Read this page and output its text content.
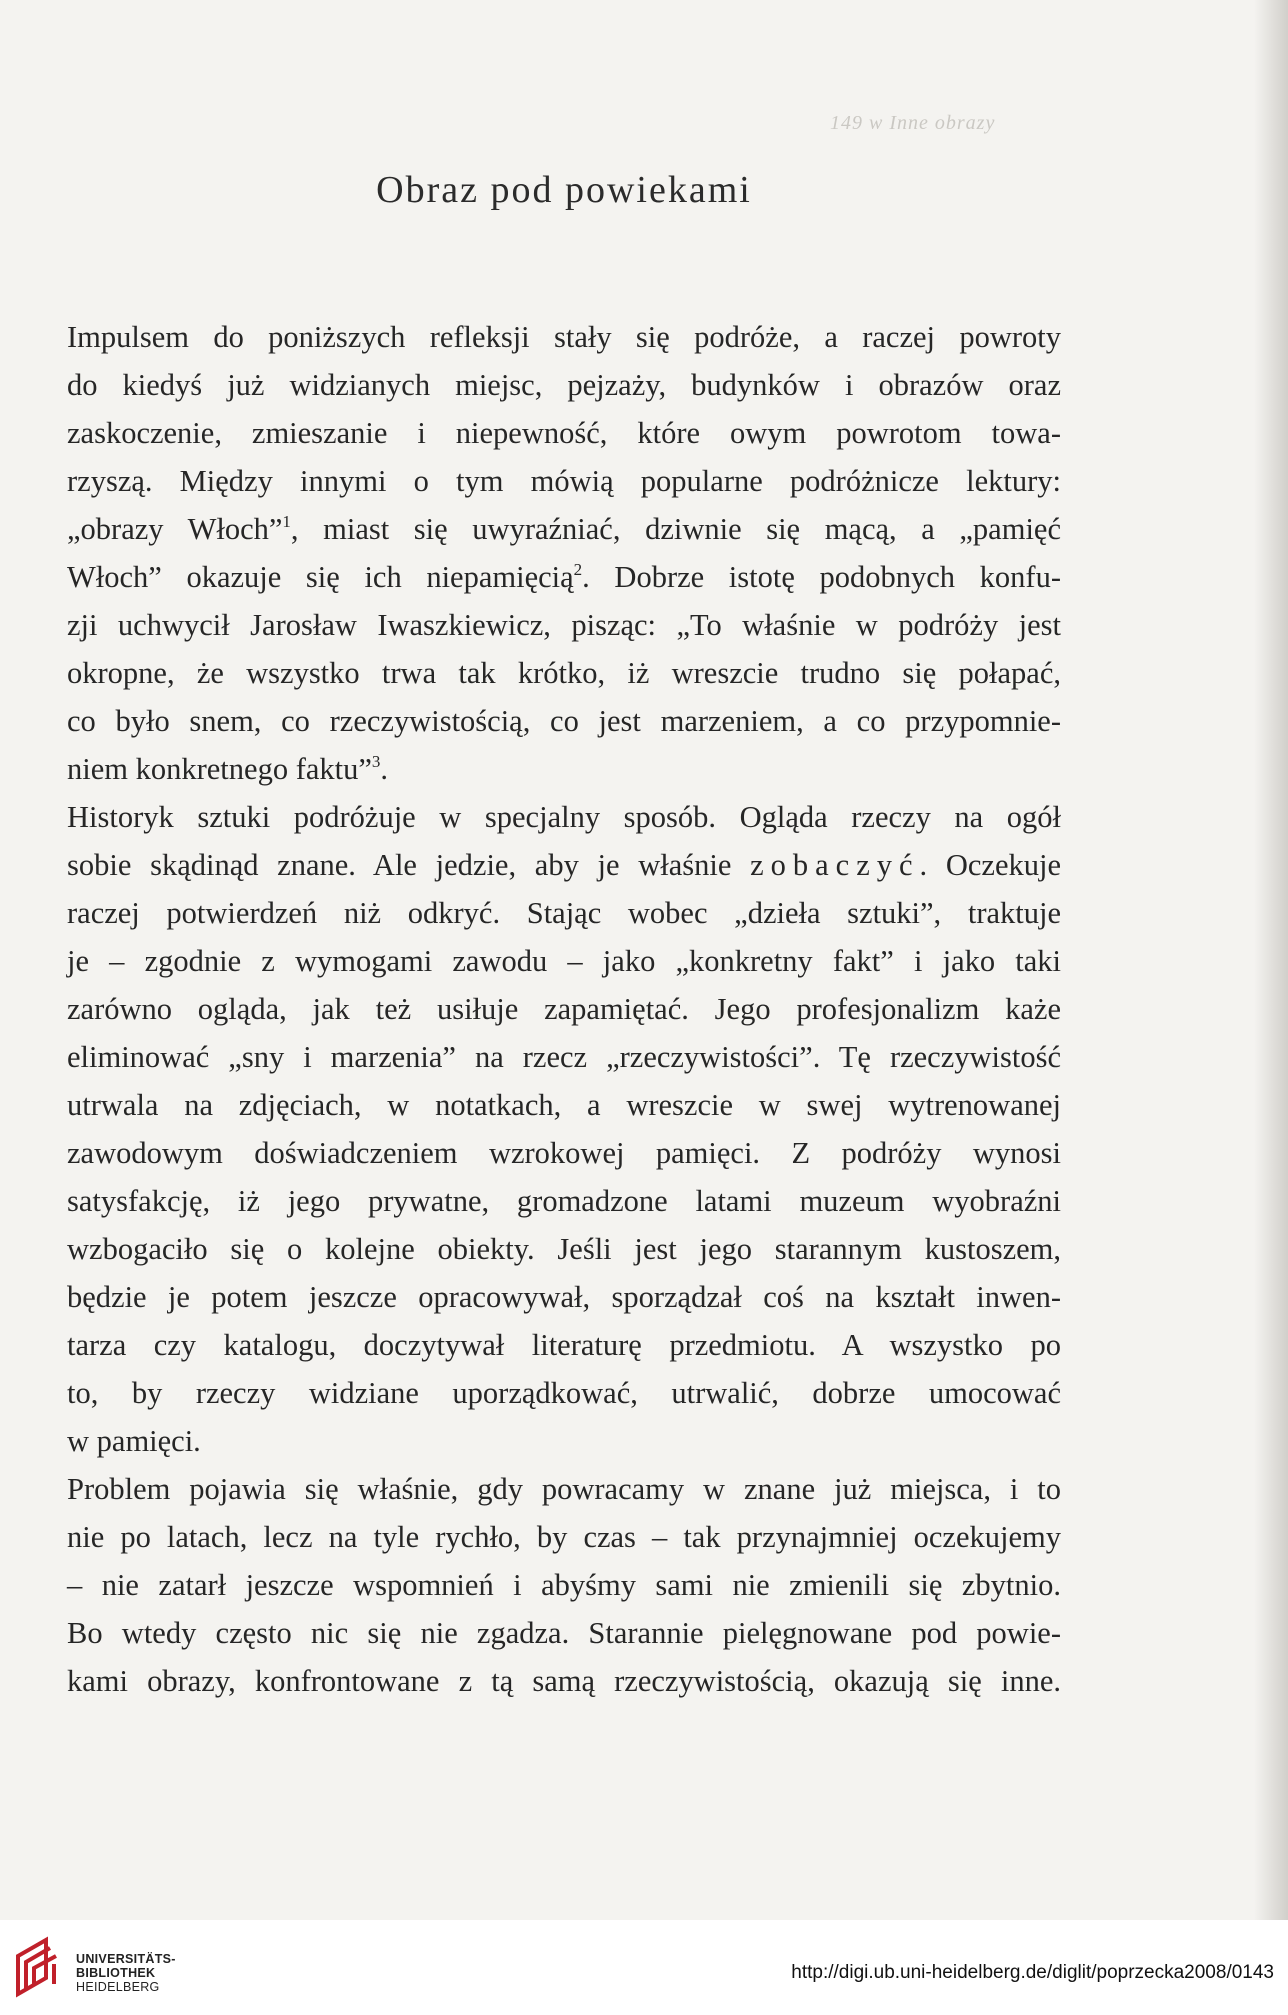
149 w Inne obrazy
Obraz pod powiekami
Impulsem do poniższych refleksji stały się podróże, a raczej powroty
do kiedyś już widzianych miejsc, pejzaży, budynków i obrazów oraz
zaskoczenie, zmieszanie i niepewność, które owym powrotom towa-
rzyszą. Między innymi o tym mówią popularne podróżnicze lektury:
„obrazy Włoch”$^1$, miast się uwyraźniać, dziwnie się mącą, a „pamięć
Włoch” okazuje się ich niepamięcią$^2$. Dobrze istotę podobnych konfu-
zji uchwycił Jarosław Iwaszkiewicz, pisząc: „To właśnie w podróży jest
okropne, że wszystko trwa tak krótko, iż wreszcie trudno się połapać,
co było snem, co rzeczywistością, co jest marzeniem, a co przypomnie-
niem konkretnego faktu”$^3$.
Historyk sztuki podróżuje w specjalny sposób. Ogląda rzeczy na ogół
sobie skądinąd znane. Ale jedzie, aby je właśnie zobaczyć. Oczekuje
raczej potwierdzeń niż odkryć. Stając wobec „dzieła sztuki”, traktuje
je – zgodnie z wymogami zawodu – jako „konkretny fakt” i jako taki
zarówno ogląda, jak też usiłuje zapamiętać. Jego profesjonalizm każe
eliminować „sny i marzenia” na rzecz „rzeczywistości”. Tę rzeczywistość
utrwala na zdjęciach, w notatkach, a wreszcie w swej wytrenowanej
zawodowym doświadczeniem wzrokowej pamięci. Z podróży wynosi
satysfakcję, iż jego prywatne, gromadzone latami muzeum wyobraźni
wzbogaciło się o kolejne obiekty. Jeśli jest jego starannym kustoszem,
będzie je potem jeszcze opracowywał, sporządzał coś na kształt inwen-
tarza czy katalogu, doczytywał literaturę przedmiotu. A wszystko po
to, by rzeczy widziane uporządkować, utrwalić, dobrze umocować
w pamięci.
Problem pojawia się właśnie, gdy powracamy w znane już miejsca, i to
nie po latach, lecz na tyle rychło, by czas – tak przynajmniej oczekujemy
– nie zatarł jeszcze wspomnień i abyśmy sami nie zmienili się zbytnio.
Bo wtedy często nic się nie zgadza. Starannie pielęgnowane pod powie-
kami obrazy, konfrontowane z tą samą rzeczywistością, okazują się inne.
UNIVERSITÄTS-
BIBLIOTHEK
HEIDELBERG
http://digi.ub.uni-heidelberg.de/diglit/poprzecka2008/0143
